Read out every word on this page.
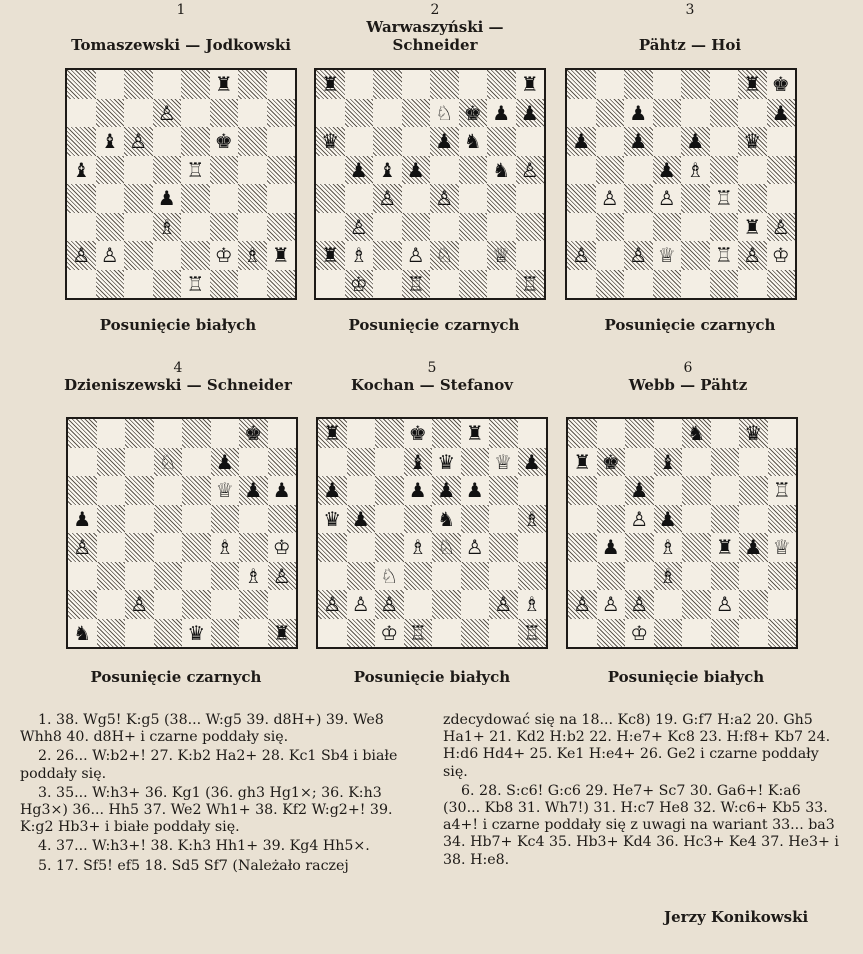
1
Tomaszewski — Jodkowski
♜
♙
♝ ♙	♚
♝	♖
♟
♗
♙ ♙	♔ ♗ ♜
♖
Posunięcie białych
2
Warwaszyński —
Schneider
♜	♜
♘ ♚ ♟ ♟
♛	♟ ♞
♟ ♝ ♟	♞ ♙
♙ ♙
♙
♜ ♗ ♙ ♘ ♕
♔ ♖	♖
Posunięcie czarnych
3
Pähtz — Hoi
♜ ♚
♟	♟
♟ ♟ ♟ ♛
♟ ♗
♙ ♙ ♖
♜ ♙
♙ ♙ ♕ ♖ ♙ ♔
Posunięcie czarnych
4
Dzieniszewski — Schneider
♚
♘ ♟
♕ ♟ ♟
♟
♙	♗ ♔
♗ ♙
♙
♞	♛	♜
Posunięcie czarnych
5
Kochan — Stefanov
♜	♚ ♜
♝ ♛ ♕ ♟
♟	♟ ♟ ♟
♛ ♟	♞	♗
♗ ♘ ♙
♘
♙ ♙ ♙	♙ ♗
♔ ♖	♖
Posunięcie białych
6
Webb — Pähtz
♞ ♛
♜ ♚ ♝
♟	♖
♙ ♟
♟ ♗ ♜ ♟ ♕
♗
♙ ♙ ♙	♙
♔
Posunięcie białych

1. 38. Wg5! K:g5 (38... W:g5 39. d8H+) 39. We8 Whh8 40. d8H+ i czarne poddały się.

2. 26... W:b2+! 27. K:b2 Ha2+ 28. Kc1 Sb4 i białe poddały się.

3. 35... W:h3+ 36. Kg1 (36. gh3 Hg1×; 36. K:h3 Hg3×) 36... Hh5 37. We2 Wh1+ 38. Kf2 W:g2+! 39. K:g2 Hb3+ i białe poddały się.

4. 37... W:h3+! 38. K:h3 Hh1+ 39. Kg4 Hh5×.

5. 17. Sf5! ef5 18. Sd5 Sf7 (Należało raczej

zdecydować się na 18... Kc8) 19. G:f7 H:a2 20. Gh5 Ha1+ 21. Kd2 H:b2 22. H:e7+ Kc8 23. H:f8+ Kb7 24. H:d6 Hd4+ 25. Ke1 H:e4+ 26. Ge2 i czarne poddały się.

6. 28. S:c6! G:c6 29. He7+ Sc7 30. Ga6+! K:a6 (30... Kb8 31. Wh7!) 31. H:c7 He8 32. W:c6+ Kb5 33. a4+! i czarne poddały się z uwagi na wariant 33... ba3 34. Hb7+ Kc4 35. Hb3+ Kd4 36. Hc3+ Ke4 37. He3+ i 38. H:e8.

Jerzy Konikowski
